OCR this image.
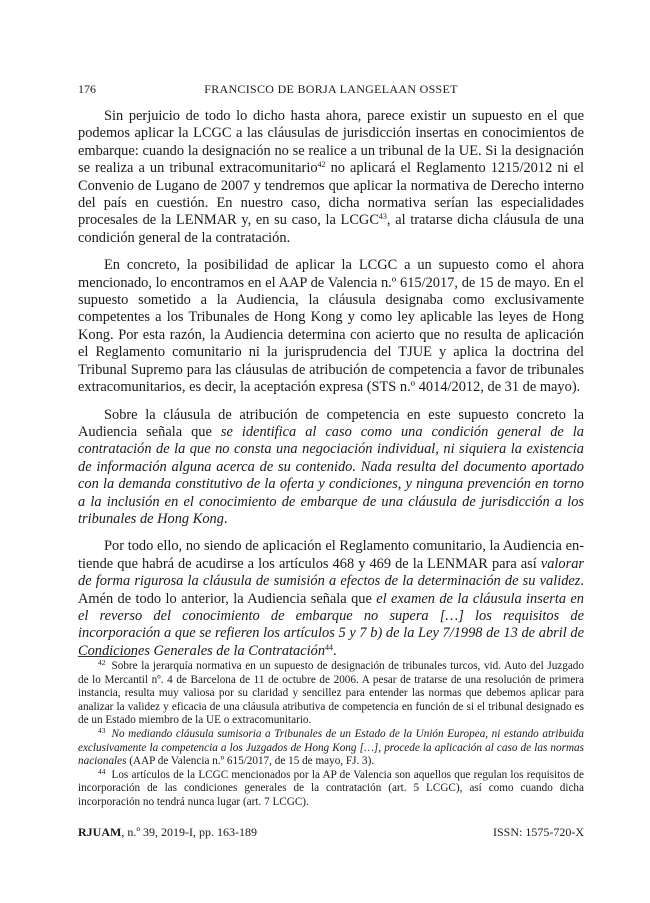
176	FRANCISCO DE BORJA LANGELAAN OSSET

Sin perjuicio de todo lo dicho hasta ahora, parece existir un supuesto en el que podemos aplicar la LCGC a las cláusulas de jurisdicción insertas en conocimientos de embarque: cuando la designación no se realice a un tribunal de la UE. Si la designación se realiza a un tribunal extracomunitario$^{42}$ no aplicará el Reglamento 1215/2012 ni el Convenio de Lugano de 2007 y tendremos que aplicar la normativa de Derecho interno del país en cuestión. En nuestro caso, dicha normativa serían las especialidades procesales de la LENMAR y, en su caso, la LCGC$^{43}$, al tratarse dicha cláusula de una condición general de la contratación.

En concreto, la posibilidad de aplicar la LCGC a un supuesto como el ahora mencionado, lo encontramos en el AAP de Valencia n.º 615/2017, de 15 de mayo. En el supuesto sometido a la Audiencia, la cláusula designaba como exclusivamente competentes a los Tribunales de Hong Kong y como ley aplicable las leyes de Hong Kong. Por esta razón, la Audiencia determina con acierto que no resulta de aplicación el Reglamento comunitario ni la jurisprudencia del TJUE y aplica la doctrina del Tribunal Supremo para las cláusulas de atribución de competencia a favor de tribunales extracomunitarios, es decir, la aceptación expresa (STS n.º 4014/2012, de 31 de mayo).

Sobre la cláusula de atribución de competencia en este supuesto concreto la Audiencia señala que se identifica al caso como una condición general de la contratación de la que no consta una negociación individual, ni siquiera la existencia de información alguna acerca de su contenido. Nada resulta del documento aportado con la demanda constitutivo de la oferta y condiciones, y ninguna prevención en torno a la inclusión en el conocimiento de embarque de una cláusula de jurisdicción a los tribunales de Hong Kong.

Por todo ello, no siendo de aplicación el Reglamento comunitario, la Audiencia entiende que habrá de acudirse a los artículos 468 y 469 de la LENMAR para así valorar de forma rigurosa la cláusula de sumisión a efectos de la determinación de su validez. Amén de todo lo anterior, la Audiencia señala que el examen de la cláusula inserta en el reverso del conocimiento de embarque no supera […] los requisitos de incorporación a que se refieren los artículos 5 y 7 b) de la Ley 7/1998 de 13 de abril de Condiciones Generales de la Contratación$^{44}$.

$^{42}$ Sobre la jerarquía normativa en un supuesto de designación de tribunales turcos, vid. Auto del Juzgado de lo Mercantil nº. 4 de Barcelona de 11 de octubre de 2006. A pesar de tratarse de una resolución de primera instancia, resulta muy valiosa por su claridad y sencillez para entender las normas que debemos aplicar para analizar la validez y eficacia de una cláusula atributiva de competencia en función de si el tribunal designado es de un Estado miembro de la UE o extracomunitario.

$^{43}$ No mediando cláusula sumisoria a Tribunales de un Estado de la Unión Europea, ni estando atribuida exclusivamente la competencia a los Juzgados de Hong Kong […], procede la aplicación al caso de las normas nacionales (AAP de Valencia n.º 615/2017, de 15 de mayo, FJ. 3).

$^{44}$ Los artículos de la LCGC mencionados por la AP de Valencia son aquellos que regulan los requisitos de incorporación de las condiciones generales de la contratación (art. 5 LCGC), así como cuando dicha incorporación no tendrá nunca lugar (art. 7 LCGC).

RJUAM, n.º 39, 2019-I, pp. 163-189	ISSN: 1575-720-X
